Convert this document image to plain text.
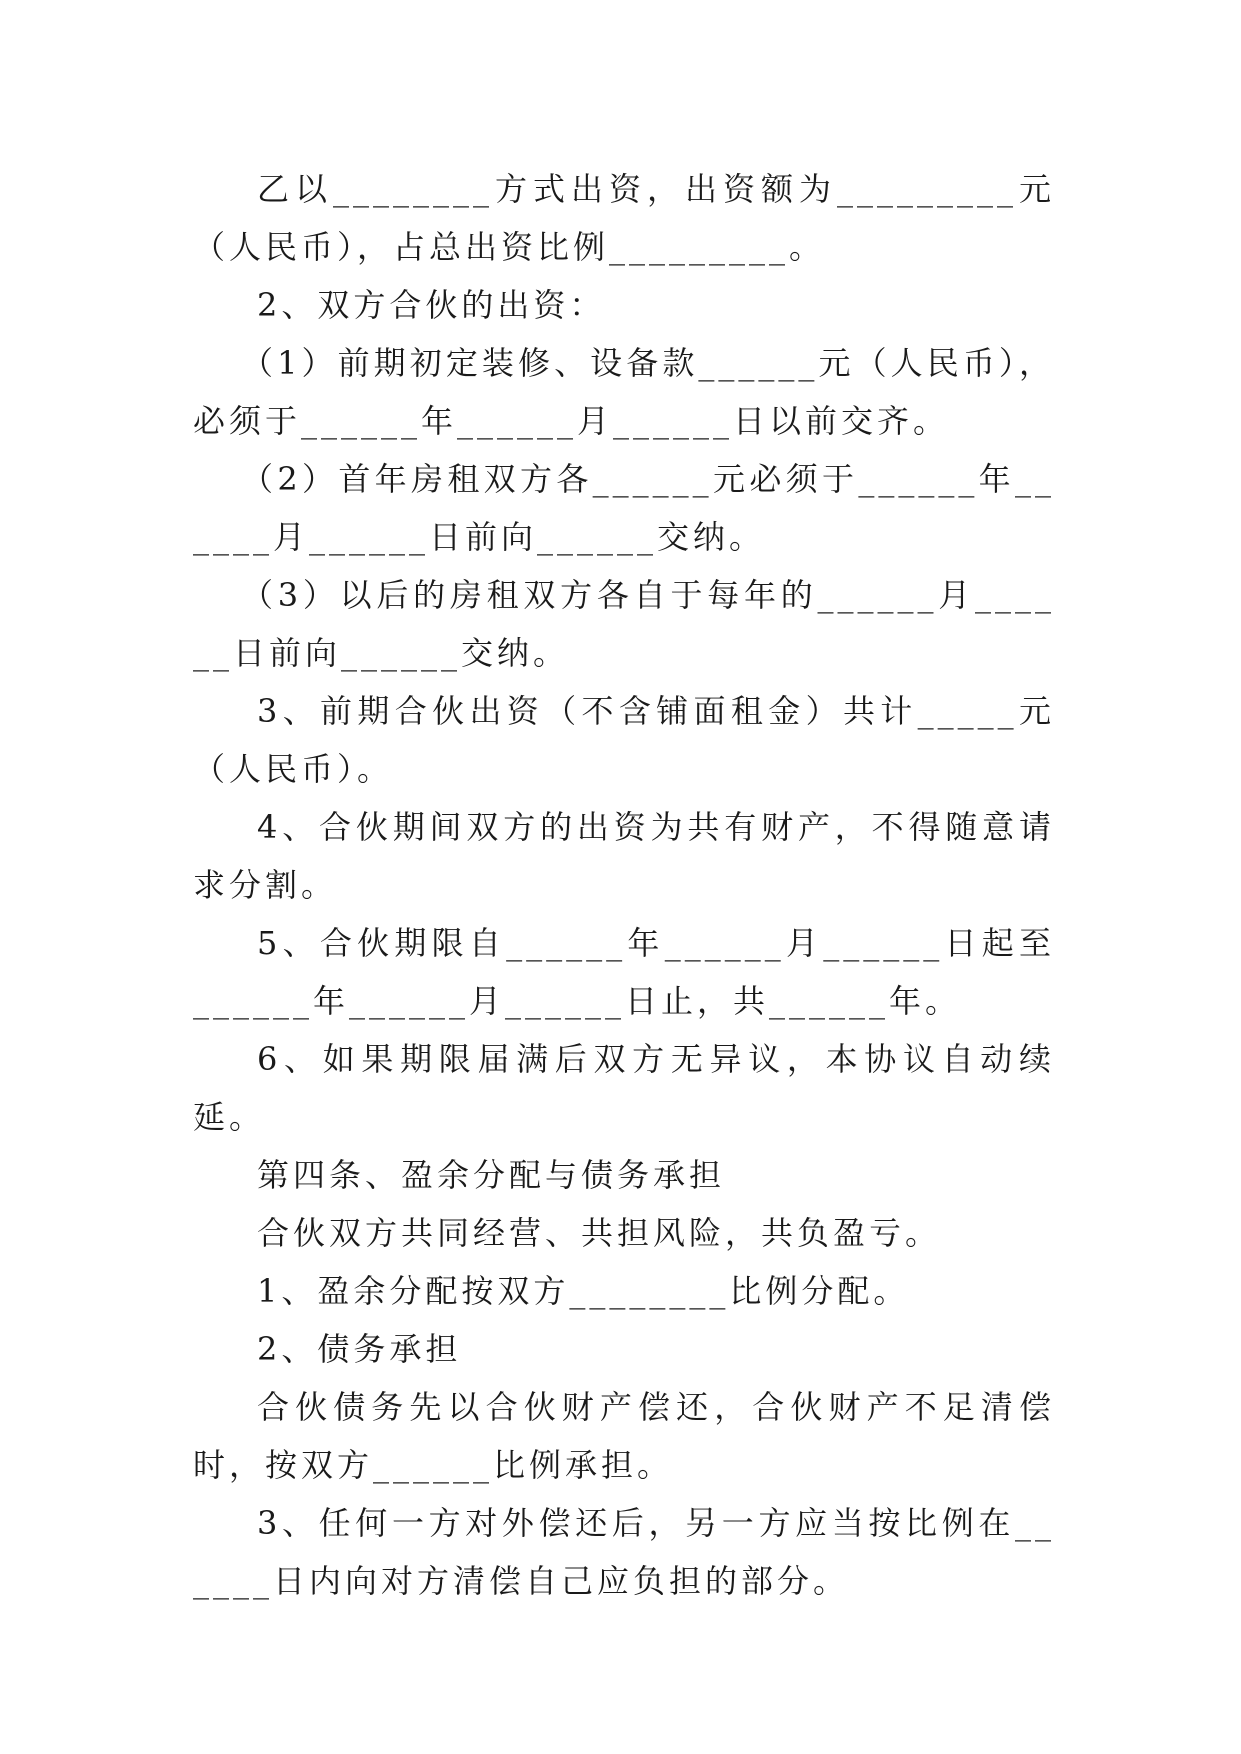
乙以________方式出资，出资额为_________元（人民币），占总出资比例_________。

2、双方合伙的出资：

（1）前期初定装修、设备款______元（人民币），必须于______年______月______日以前交齐。

（2）首年房租双方各______元必须于______年______月______日前向______交纳。

（3）以后的房租双方各自于每年的______月______日前向______交纳。

3、前期合伙出资（不含铺面租金）共计_____元（人民币）。

4、合伙期间双方的出资为共有财产，不得随意请求分割。

5、合伙期限自______年______月______日起至______年______月______日止，共______年。

6、如果期限届满后双方无异议，本协议自动续延。

第四条、盈余分配与债务承担

合伙双方共同经营、共担风险，共负盈亏。

1、盈余分配按双方________比例分配。

2、债务承担

合伙债务先以合伙财产偿还，合伙财产不足清偿时，按双方______比例承担。

3、任何一方对外偿还后，另一方应当按比例在______日内向对方清偿自己应负担的部分。
